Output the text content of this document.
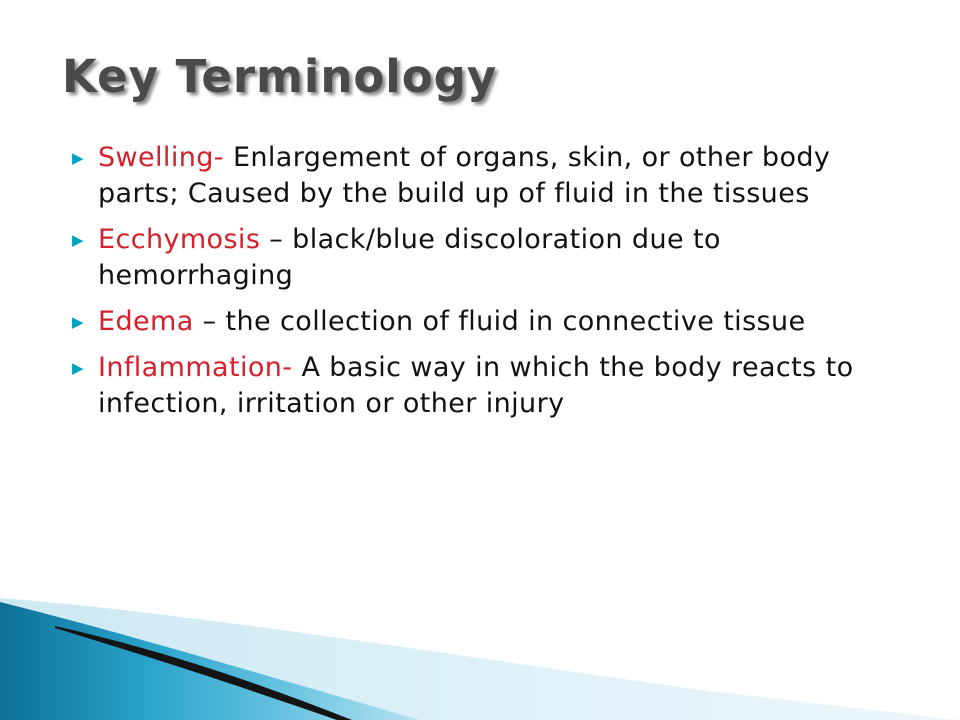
Key Terminology
▶ Swelling- Enlargement of organs, skin, or other body parts; Caused by the build up of fluid in the tissues
▶ Ecchymosis – black/blue discoloration due to hemorrhaging
▶ Edema – the collection of fluid in connective tissue
▶ Inflammation- A basic way in which the body reacts to infection, irritation or other injury
